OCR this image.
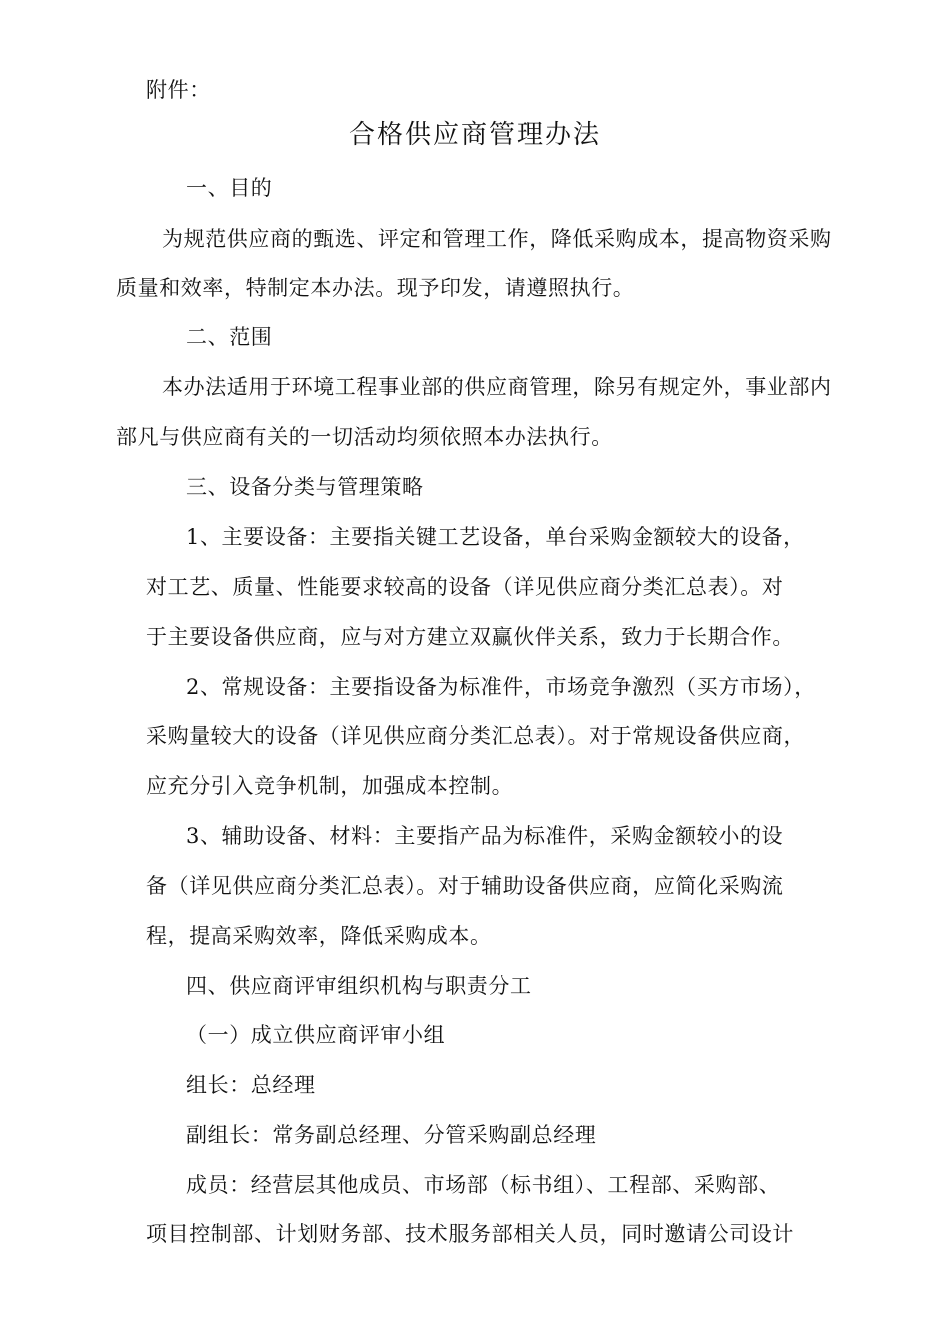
附件：
合格供应商管理办法
一、目的
为规范供应商的甄选、评定和管理工作，降低采购成本，提高物资采购
质量和效率，特制定本办法。现予印发，请遵照执行。
二、范围
本办法适用于环境工程事业部的供应商管理，除另有规定外，事业部内
部凡与供应商有关的一切活动均须依照本办法执行。
三、设备分类与管理策略
1、主要设备：主要指关键工艺设备，单台采购金额较大的设备，
对工艺、质量、性能要求较高的设备（详见供应商分类汇总表）。对
于主要设备供应商，应与对方建立双赢伙伴关系，致力于长期合作。
2、常规设备：主要指设备为标准件，市场竞争激烈（买方市场），
采购量较大的设备（详见供应商分类汇总表）。对于常规设备供应商，
应充分引入竞争机制，加强成本控制。
3、辅助设备、材料：主要指产品为标准件，采购金额较小的设
备（详见供应商分类汇总表）。对于辅助设备供应商，应简化采购流
程，提高采购效率，降低采购成本。
四、供应商评审组织机构与职责分工
（一）成立供应商评审小组
组长：总经理
副组长：常务副总经理、分管采购副总经理
成员：经营层其他成员、市场部（标书组）、工程部、采购部、
项目控制部、计划财务部、技术服务部相关人员，同时邀请公司设计
